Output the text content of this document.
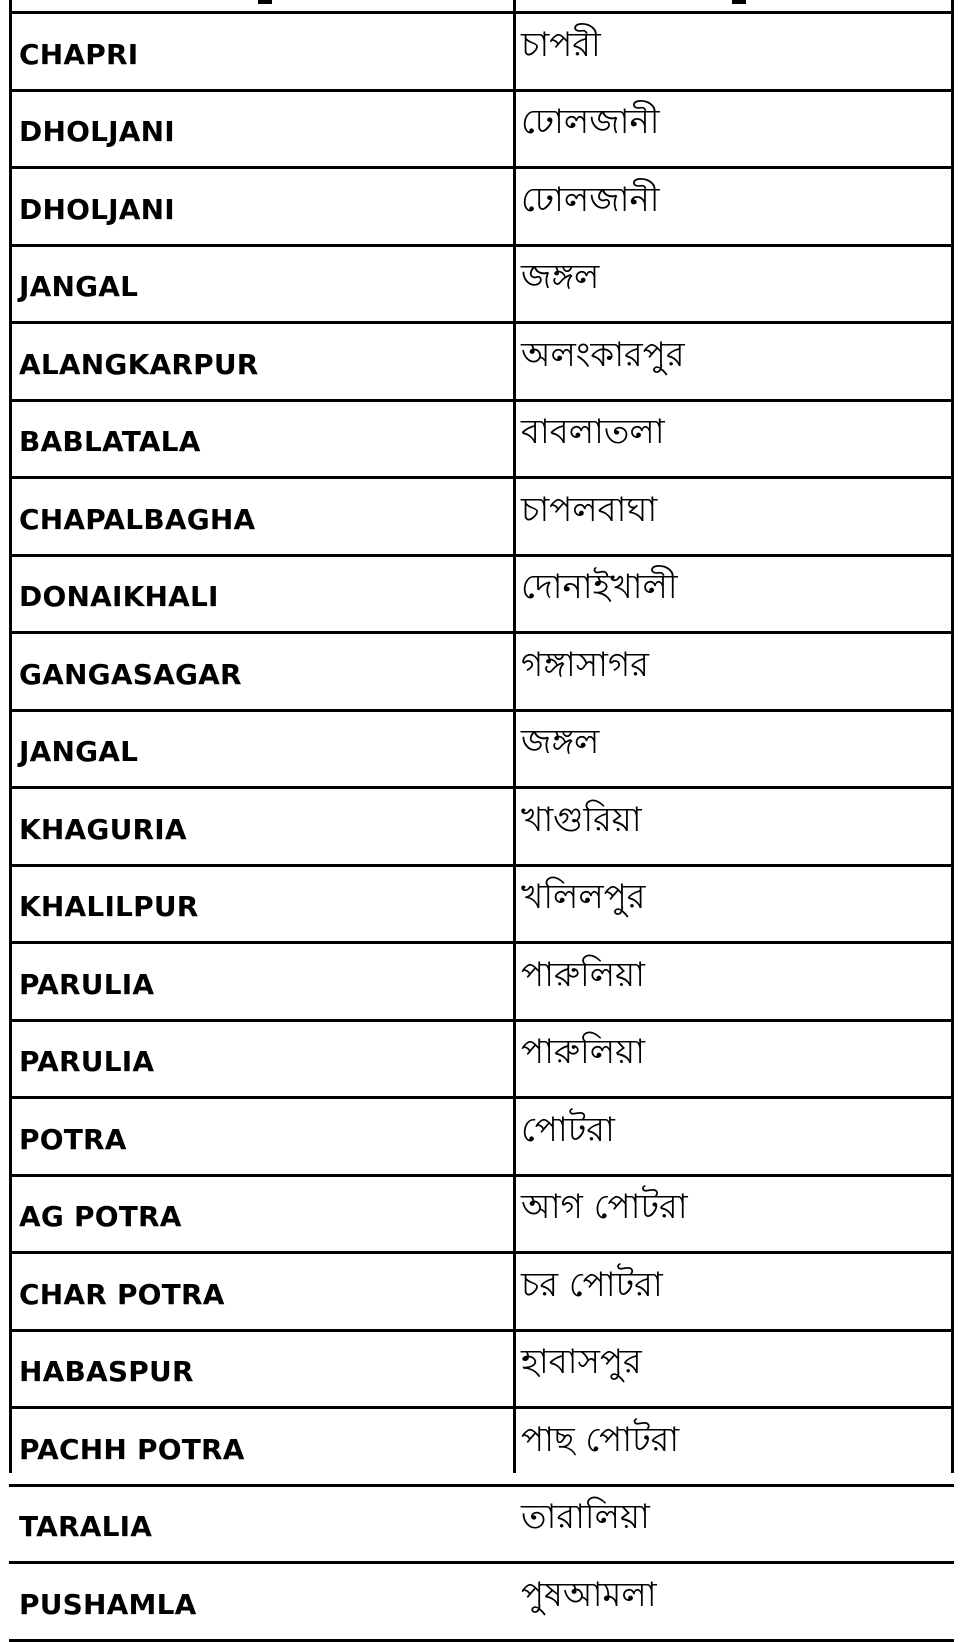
CHAPRI	চাপরী
DHOLJANI	ঢোলজানী
DHOLJANI	ঢোলজানী
JANGAL	জঙ্গল
ALANGKARPUR	অলংকারপুর
BABLATALA	বাবলাতলা
CHAPALBAGHA	চাপলবাঘা
DONAIKHALI	দোনাইখালী
GANGASAGAR	গঙ্গাসাগর
JANGAL	জঙ্গল
KHAGURIA	খাগুরিয়া
KHALILPUR	খলিলপুর
PARULIA	পারুলিয়া
PARULIA	পারুলিয়া
POTRA	পোটরা
AG POTRA	আগ পোটরা
CHAR POTRA	চর পোটরা
HABASPUR	হাবাসপুর
PACHH POTRA	পাছ পোটরা
TARALIA	তারালিয়া
PUSHAMLA	পুষআমলা
